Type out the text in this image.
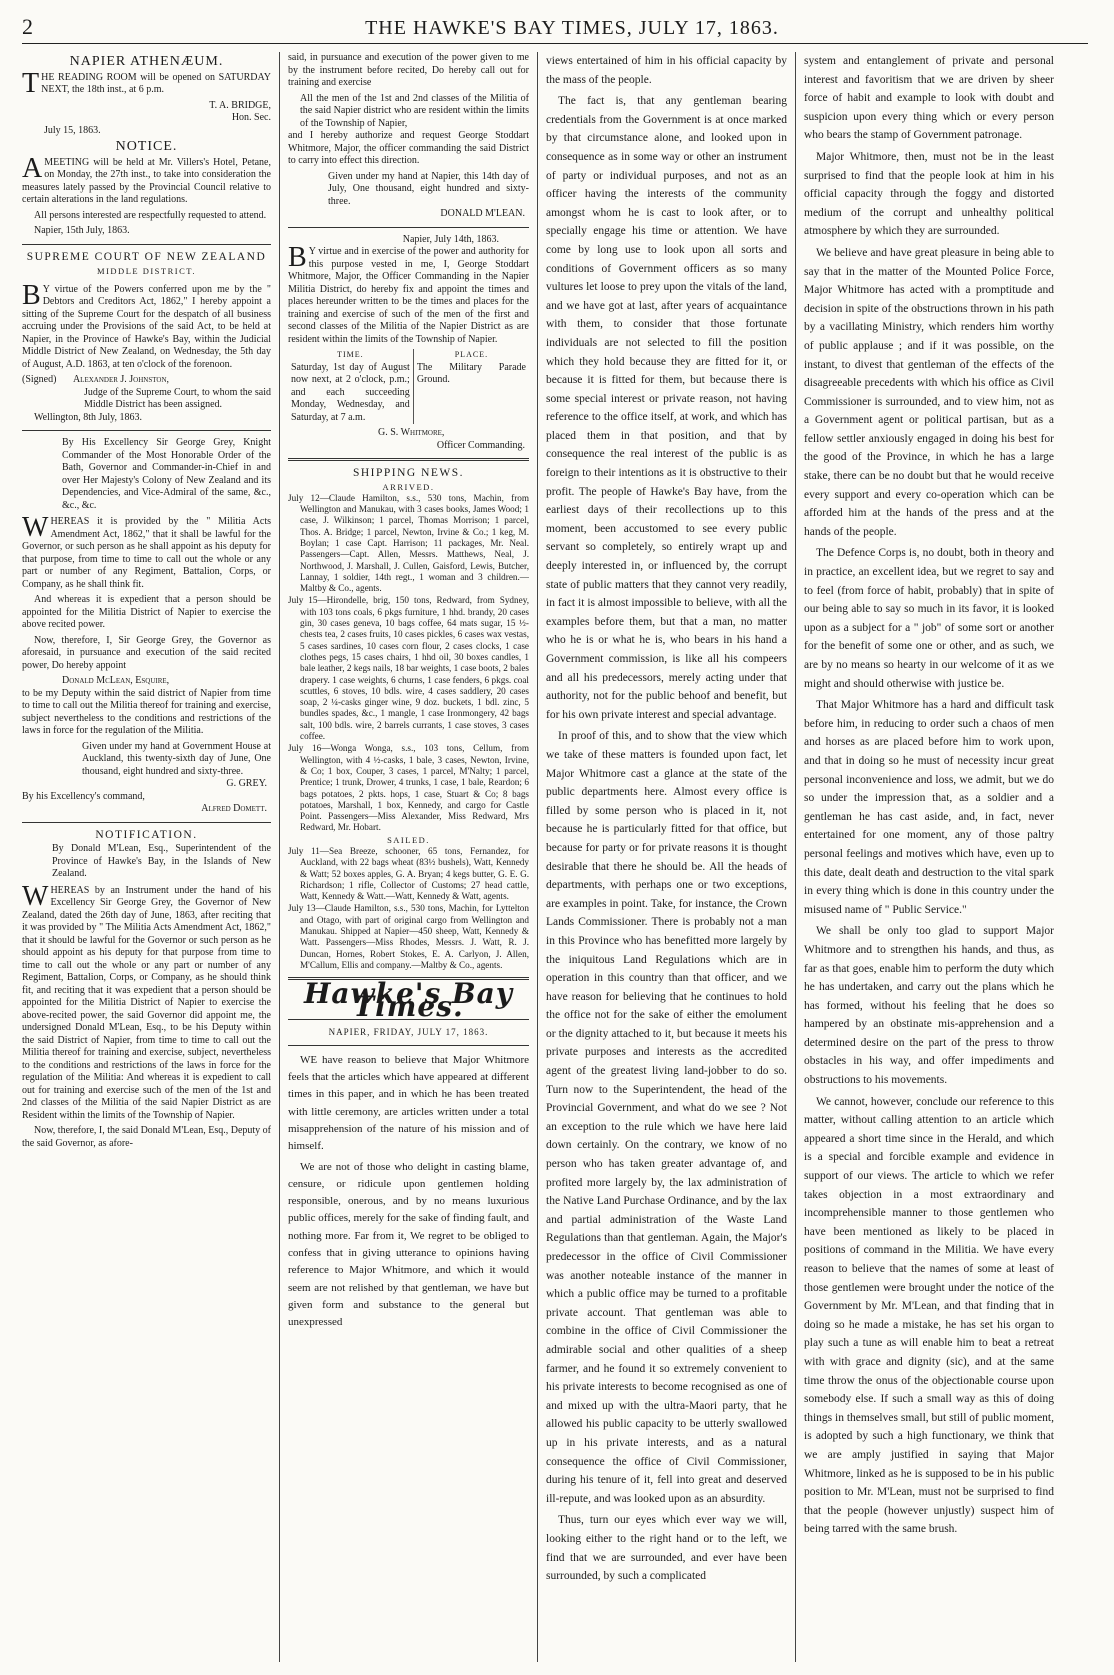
2	THE HAWKE'S BAY TIMES, JULY 17, 1863.
NAPIER ATHENÆUM.

THE READING ROOM will be opened on SATURDAY NEXT, the 18th inst., at 6 p.m.

T. A. BRIDGE,
Hon. Sec.
July 15, 1863.
NOTICE.

AMEETING will be held at Mr. Villers's Hotel, Petane, on Monday, the 27th inst., to take into consideration the measures lately passed by the Provincial Council relative to certain alterations in the land regulations.

All persons interested are respectfully requested to attend.

Napier, 15th July, 1863.

SUPREME COURT OF NEW ZEALAND
MIDDLE DISTRICT.

BY virtue of the Powers conferred upon me by the " Debtors and Creditors Act, 1862," I hereby appoint a sitting of the Supreme Court for the despatch of all business accruing under the Provisions of the said Act, to be held at Napier, in the Province of Hawke's Bay, within the Judicial Middle District of New Zealand, on Wednesday, the 5th day of August, A.D. 1863, at ten o'clock of the forenoon.

(Signed) Alexander J. Johnston,
Judge of the Supreme Court, to whom the said Middle District has been assigned.

Wellington, 8th July, 1863.

By His Excellency Sir George Grey, Knight Commander of the Most Honorable Order of the Bath, Governor and Commander-in-Chief in and over Her Majesty's Colony of New Zealand and its Dependencies, and Vice-Admiral of the same, &c., &c., &c.

WHEREAS it is provided by the " Militia Acts Amendment Act, 1862," that it shall be lawful for the Governor, or such person as he shall appoint as his deputy for that purpose, from time to time to call out the whole or any part or number of any Regiment, Battalion, Corps, or Company, as he shall think fit.

And whereas it is expedient that a person should be appointed for the Militia District of Napier to exercise the above recited power.

Now, therefore, I, Sir George Grey, the Governor as aforesaid, in pursuance and execution of the said recited power, Do hereby appoint

Donald McLean, Esquire,

to be my Deputy within the said district of Napier from time to time to call out the Militia thereof for training and exercise, subject nevertheless to the conditions and restrictions of the laws in force for the regulation of the Militia.

Given under my hand at Government House at Auckland, this twenty-sixth day of June, One thousand, eight hundred and sixty-three.
G. GREY.
By his Excellency's command,
Alfred Domett.
NOTIFICATION.
By Donald M'Lean, Esq., Superintendent of the Province of Hawke's Bay, in the Islands of New Zealand.

WHEREAS by an Instrument under the hand of his Excellency Sir George Grey, the Governor of New Zealand, dated the 26th day of June, 1863, after reciting that it was provided by " The Militia Acts Amendment Act, 1862," that it should be lawful for the Governor or such person as he should appoint as his deputy for that purpose from time to time to call out the whole or any part or number of any Regiment, Battalion, Corps, or Company, as he should think fit, and reciting that it was expedient that a person should be appointed for the Militia District of Napier to exercise the above-recited power, the said Governor did appoint me, the undersigned Donald M'Lean, Esq., to be his Deputy within the said District of Napier, from time to time to call out the Militia thereof for training and exercise, subject, nevertheless to the conditions and restrictions of the laws in force for the regulation of the Militia: And whereas it is expedient to call out for training and exercise such of the men of the 1st and 2nd classes of the Militia of the said Napier District as are Resident within the limits of the Township of Napier.

Now, therefore, I, the said Donald M'Lean, Esq., Deputy of the said Governor, as afore-

said, in pursuance and execution of the power given to me by the instrument before recited, Do hereby call out for training and exercise

All the men of the 1st and 2nd classes of the Militia of the said Napier district who are resident within the limits of the Township of Napier,

and I hereby authorize and request George Stoddart Whitmore, Major, the officer commanding the said District to carry into effect this direction.

Given under my hand at Napier, this 14th day of July, One thousand, eight hundred and sixty-three.
DONALD M'LEAN.
Napier, July 14th, 1863.

BY virtue and in exercise of the power and authority for this purpose vested in me, I, George Stoddart Whitmore, Major, the Officer Commanding in the Napier Militia District, do hereby fix and appoint the times and places hereunder written to be the times and places for the training and exercise of such of the men of the first and second classes of the Militia of the Napier District as are resident within the limits of the Township of Napier.

TIME.	PLACE.
Saturday, 1st day of August now next, at 2 o'clock, p.m.; and each succeeding Monday, Wednesday, and Saturday, at 7 a.m.	The Military Parade Ground.
G. S. Whitmore,
Officer Commanding.
SHIPPING NEWS.
ARRIVED.

July 12—Claude Hamilton, s.s., 530 tons, Machin, from Wellington and Manukau, with 3 cases books, James Wood; 1 case, J. Wilkinson; 1 parcel, Thomas Morrison; 1 parcel, Thos. A. Bridge; 1 parcel, Newton, Irvine & Co.; 1 keg, M. Boylan; 1 case Capt. Harrison; 11 packages, Mr. Neal. Passengers—Capt. Allen, Messrs. Matthews, Neal, J. Northwood, J. Marshall, J. Cullen, Gaisford, Lewis, Butcher, Lannay, 1 soldier, 14th regt., 1 woman and 3 children.—Maltby & Co., agents.

July 15—Hirondelle, brig, 150 tons, Redward, from Sydney, with 103 tons coals, 6 pkgs furniture, 1 hhd. brandy, 20 cases gin, 30 cases geneva, 10 bags coffee, 64 mats sugar, 15 ½-chests tea, 2 cases fruits, 10 cases pickles, 6 cases wax vestas, 5 cases sardines, 10 cases corn flour, 2 cases clocks, 1 case clothes pegs, 15 cases chairs, 1 hhd oil, 30 boxes candles, 1 bale leather, 2 kegs nails, 18 bar weights, 1 case boots, 2 bales drapery. 1 case weights, 6 churns, 1 case fenders, 6 pkgs. coal scuttles, 6 stoves, 10 bdls. wire, 4 cases saddlery, 20 cases soap, 2 ¼-casks ginger wine, 9 doz. buckets, 1 bdl. zinc, 5 bundles spades, &c., 1 mangle, 1 case Ironmongery, 42 bags salt, 100 bdls. wire, 2 barrels currants, 1 case stoves, 3 cases coffee.

July 16—Wonga Wonga, s.s., 103 tons, Cellum, from Wellington, with 4 ½-casks, 1 bale, 3 cases, Newton, Irvine, & Co; 1 box, Couper, 3 cases, 1 parcel, M'Nalty; 1 parcel, Prentice; 1 trunk, Drower, 4 trunks, 1 case, 1 bale, Reardon; 6 bags potatoes, 2 pkts. hops, 1 case, Stuart & Co; 8 bags potatoes, Marshall, 1 box, Kennedy, and cargo for Castle Point. Passengers—Miss Alexander, Miss Redward, Mrs Redward, Mr. Hobart.

SAILED.

July 11—Sea Breeze, schooner, 65 tons, Fernandez, for Auckland, with 22 bags wheat (83½ bushels), Watt, Kennedy & Watt; 52 boxes apples, G. A. Bryan; 4 kegs butter, G. E. G. Richardson; 1 rifle, Collector of Customs; 27 head cattle, Watt, Kennedy & Watt.—Watt, Kennedy & Watt, agents.

July 13—Claude Hamilton, s.s., 530 tons, Machin, for Lyttelton and Otago, with part of original cargo from Wellington and Manukau. Shipped at Napier—450 sheep, Watt, Kennedy & Watt. Passengers—Miss Rhodes, Messrs. J. Watt, R. J. Duncan, Hornes, Robert Stokes, E. A. Carlyon, J. Allen, M'Callum, Ellis and company.—Maltby & Co., agents.

Hawke's Bay Times.
NAPIER, FRIDAY, JULY 17, 1863.

WE have reason to believe that Major Whitmore feels that the articles which have appeared at different times in this paper, and in which he has been treated with little ceremony, are articles written under a total misapprehension of the nature of his mission and of himself.

We are not of those who delight in casting blame, censure, or ridicule upon gentlemen holding responsible, onerous, and by no means luxurious public offices, merely for the sake of finding fault, and nothing more. Far from it, We regret to be obliged to confess that in giving utterance to opinions having reference to Major Whitmore, and which it would seem are not relished by that gentleman, we have but given form and substance to the general but unexpressed

views entertained of him in his official capacity by the mass of the people.

The fact is, that any gentleman bearing credentials from the Government is at once marked by that circumstance alone, and looked upon in consequence as in some way or other an instrument of party or individual purposes, and not as an officer having the interests of the community amongst whom he is cast to look after, or to specially engage his time or attention. We have come by long use to look upon all sorts and conditions of Government officers as so many vultures let loose to prey upon the vitals of the land, and we have got at last, after years of acquaintance with them, to consider that those fortunate individuals are not selected to fill the position which they hold because they are fitted for it, or because it is fitted for them, but because there is some special interest or private reason, not having reference to the office itself, at work, and which has placed them in that position, and that by consequence the real interest of the public is as foreign to their intentions as it is obstructive to their profit. The people of Hawke's Bay have, from the earliest days of their recollections up to this moment, been accustomed to see every public servant so completely, so entirely wrapt up and deeply interested in, or influenced by, the corrupt state of public matters that they cannot very readily, in fact it is almost impossible to believe, with all the examples before them, but that a man, no matter who he is or what he is, who bears in his hand a Government commission, is like all his compeers and all his predecessors, merely acting under that authority, not for the public behoof and benefit, but for his own private interest and special advantage.

In proof of this, and to show that the view which we take of these matters is founded upon fact, let Major Whitmore cast a glance at the state of the public departments here. Almost every office is filled by some person who is placed in it, not because he is particularly fitted for that office, but because for party or for private reasons it is thought desirable that there he should be. All the heads of departments, with perhaps one or two exceptions, are examples in point. Take, for instance, the Crown Lands Commissioner. There is probably not a man in this Province who has benefitted more largely by the iniquitous Land Regulations which are in operation in this country than that officer, and we have reason for believing that he continues to hold the office not for the sake of either the emolument or the dignity attached to it, but because it meets his private purposes and interests as the accredited agent of the greatest living land-jobber to do so. Turn now to the Superintendent, the head of the Provincial Government, and what do we see ? Not an exception to the rule which we have here laid down certainly. On the contrary, we know of no person who has taken greater advantage of, and profited more largely by, the lax administration of the Native Land Purchase Ordinance, and by the lax and partial administration of the Waste Land Regulations than that gentleman. Again, the Major's predecessor in the office of Civil Commissioner was another noteable instance of the manner in which a public office may be turned to a profitable private account. That gentleman was able to combine in the office of Civil Commissioner the admirable social and other qualities of a sheep farmer, and he found it so extremely convenient to his private interests to become recognised as one of and mixed up with the ultra-Maori party, that he allowed his public capacity to be utterly swallowed up in his private interests, and as a natural consequence the office of Civil Commissioner, during his tenure of it, fell into great and deserved ill-repute, and was looked upon as an absurdity.

Thus, turn our eyes which ever way we will, looking either to the right hand or to the left, we find that we are surrounded, and ever have been surrounded, by such a complicated

system and entanglement of private and personal interest and favoritism that we are driven by sheer force of habit and example to look with doubt and suspicion upon every thing which or every person who bears the stamp of Government patronage.

Major Whitmore, then, must not be in the least surprised to find that the people look at him in his official capacity through the foggy and distorted medium of the corrupt and unhealthy political atmosphere by which they are surrounded.

We believe and have great pleasure in being able to say that in the matter of the Mounted Police Force, Major Whitmore has acted with a promptitude and decision in spite of the obstructions thrown in his path by a vacillating Ministry, which renders him worthy of public applause ; and if it was possible, on the instant, to divest that gentleman of the effects of the disagreeable precedents with which his office as Civil Commissioner is surrounded, and to view him, not as a Government agent or political partisan, but as a fellow settler anxiously engaged in doing his best for the good of the Province, in which he has a large stake, there can be no doubt but that he would receive every support and every co-operation which can be afforded him at the hands of the press and at the hands of the people.

The Defence Corps is, no doubt, both in theory and in practice, an excellent idea, but we regret to say and to feel (from force of habit, probably) that in spite of our being able to say so much in its favor, it is looked upon as a subject for a " job" of some sort or another for the benefit of some one or other, and as such, we are by no means so hearty in our welcome of it as we might and should otherwise with justice be.

That Major Whitmore has a hard and difficult task before him, in reducing to order such a chaos of men and horses as are placed before him to work upon, and that in doing so he must of necessity incur great personal inconvenience and loss, we admit, but we do so under the impression that, as a soldier and a gentleman he has cast aside, and, in fact, never entertained for one moment, any of those paltry personal feelings and motives which have, even up to this date, dealt death and destruction to the vital spark in every thing which is done in this country under the misused name of " Public Service."

We shall be only too glad to support Major Whitmore and to strengthen his hands, and thus, as far as that goes, enable him to perform the duty which he has undertaken, and carry out the plans which he has formed, without his feeling that he does so hampered by an obstinate mis-apprehension and a determined desire on the part of the press to throw obstacles in his way, and offer impediments and obstructions to his movements.

We cannot, however, conclude our reference to this matter, without calling attention to an article which appeared a short time since in the Herald, and which is a special and forcible example and evidence in support of our views. The article to which we refer takes objection in a most extraordinary and incomprehensible manner to those gentlemen who have been mentioned as likely to be placed in positions of command in the Militia. We have every reason to believe that the names of some at least of those gentlemen were brought under the notice of the Government by Mr. M'Lean, and that finding that in doing so he made a mistake, he has set his organ to play such a tune as will enable him to beat a retreat with with grace and dignity (sic), and at the same time throw the onus of the objectionable course upon somebody else. If such a small way as this of doing things in themselves small, but still of public moment, is adopted by such a high functionary, we think that we are amply justified in saying that Major Whitmore, linked as he is supposed to be in his public position to Mr. M'Lean, must not be surprised to find that the people (however unjustly) suspect him of being tarred with the same brush.
